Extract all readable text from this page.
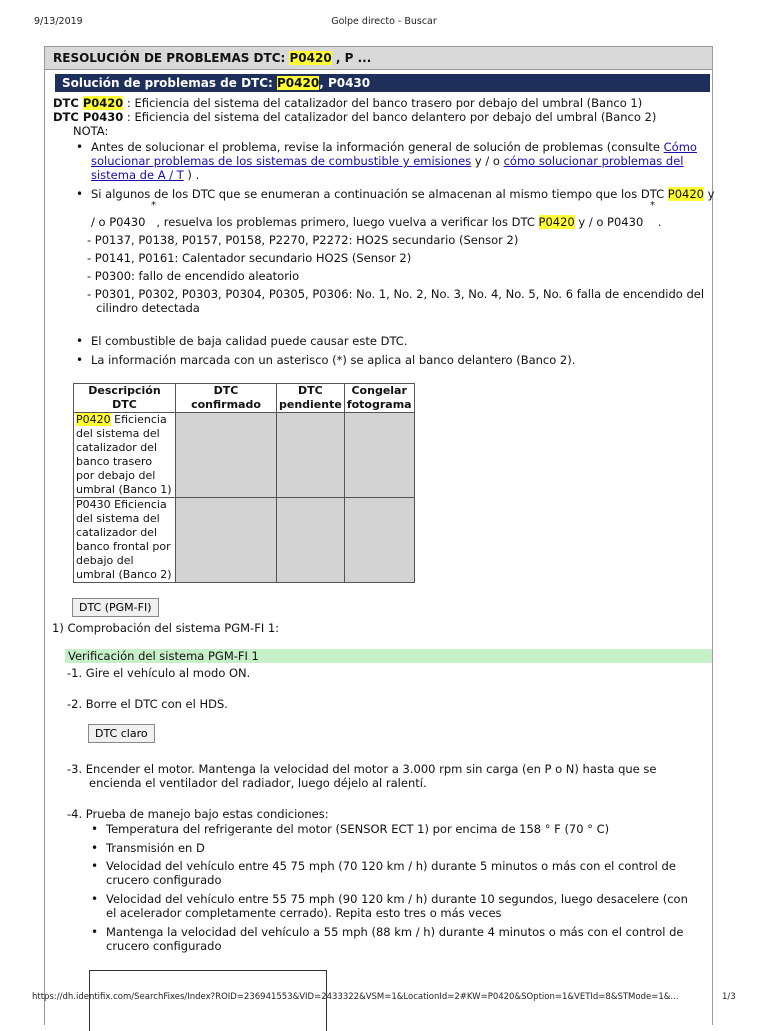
9/13/2019	Golpe directo - Buscar
RESOLUCIÓN DE PROBLEMAS DTC: P0420 , P ...
Solución de problemas de DTC: P0420, P0430
DTC P0420 : Eficiencia del sistema del catalizador del banco trasero por debajo del umbral (Banco 1)
DTC P0430 : Eficiencia del sistema del catalizador del banco delantero por debajo del umbral (Banco 2)
NOTA:
• Antes de solucionar el problema, revise la información general de solución de problemas (consulte Cómo
solucionar problemas de los sistemas de combustible y emisiones y / o cómo solucionar problemas del
sistema de A / T ) .
• Si algunos de los DTC que se enumeran a continuación se almacenan al mismo tiempo que los DTC P0420 y
*	*
/ o P0430 , resuelva los problemas primero, luego vuelva a verificar los DTC P0420 y / o P0430 .
- P0137, P0138, P0157, P0158, P2270, P2272: HO2S secundario (Sensor 2)
- P0141, P0161: Calentador secundario HO2S (Sensor 2)
- P0300: fallo de encendido aleatorio
- P0301, P0302, P0303, P0304, P0305, P0306: No. 1, No. 2, No. 3, No. 4, No. 5, No. 6 falla de encendido del
cilindro detectada
• El combustible de baja calidad puede causar este DTC.
• La información marcada con un asterisco (*) se aplica al banco delantero (Banco 2).
Descripción DTC	DTC confirmado	DTC pendiente	Congelar fotograma
P0420 Eficiencia del sistema del catalizador del banco trasero por debajo del umbral (Banco 1)			
P0430 Eficiencia del sistema del catalizador del banco frontal por debajo del umbral (Banco 2)			
DTC (PGM-FI)
1) Comprobación del sistema PGM-FI 1:
Verificación del sistema PGM-FI 1
-1. Gire el vehículo al modo ON.
-2. Borre el DTC con el HDS.
DTC claro
-3. Encender el motor. Mantenga la velocidad del motor a 3.000 rpm sin carga (en P o N) hasta que se
encienda el ventilador del radiador, luego déjelo al ralentí.
-4. Prueba de manejo bajo estas condiciones:
• Temperatura del refrigerante del motor (SENSOR ECT 1) por encima de 158 ° F (70 ° C)
• Transmisión en D
• Velocidad del vehículo entre 45 75 mph (70 120 km / h) durante 5 minutos o más con el control de
crucero configurado
• Velocidad del vehículo entre 55 75 mph (90 120 km / h) durante 10 segundos, luego desacelere (con
el acelerador completamente cerrado). Repita esto tres o más veces
• Mantenga la velocidad del vehículo a 55 mph (88 km / h) durante 4 minutos o más con el control de
crucero configurado
https://dh.identifix.com/SearchFixes/Index?ROID=236941553&VID=2433322&VSM=1&LocationId=2#KW=P0420&SOption=1&VETId=8&STMode=1&...	1/3
